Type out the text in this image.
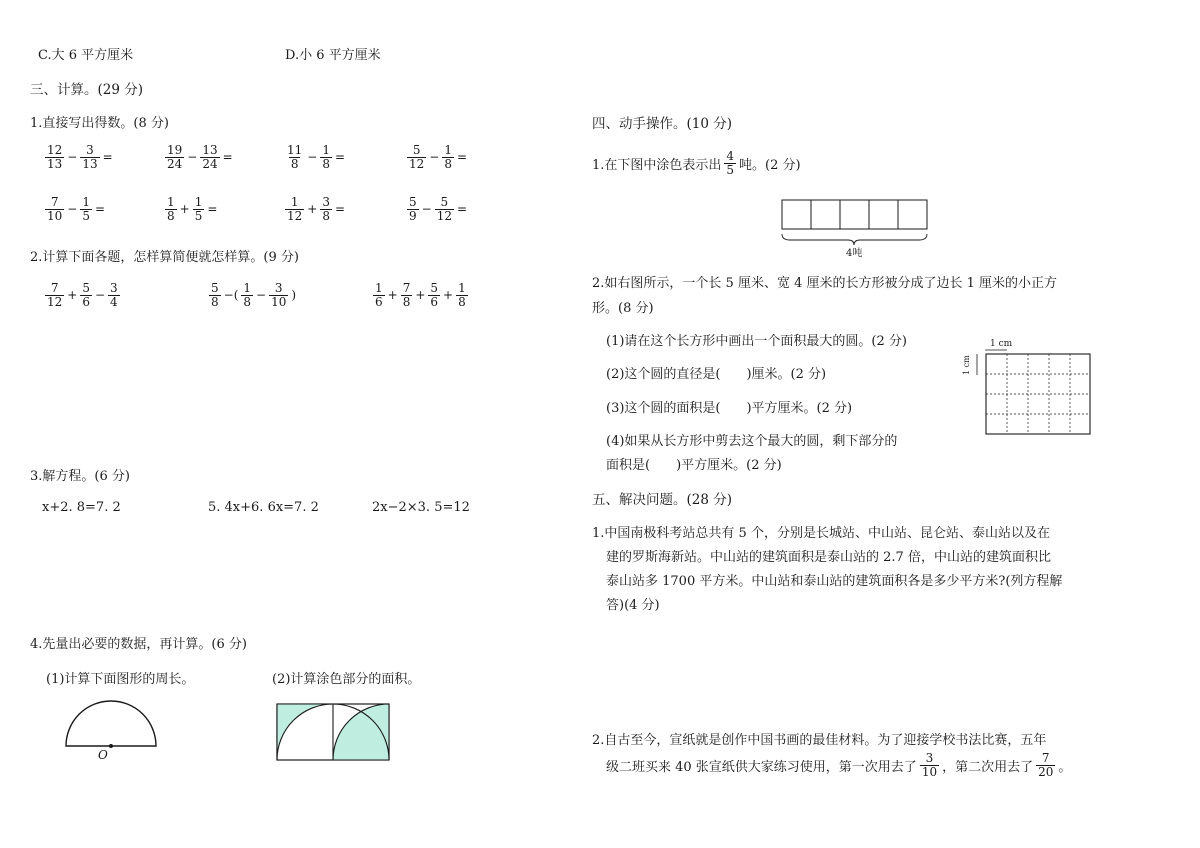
C.大 6 平方厘米	D.小 6 平方厘米
三、计算。(29 分)
1.直接写出得数。(8 分)
$\frac{12}{13} - \frac{3}{13}$ =	$\frac{19}{24} - \frac{13}{24}$ =	$\frac{11}{8} - \frac{1}{8}$ =	$\frac{5}{12} - \frac{1}{8}$ =
$\frac{7}{10} - \frac{1}{5}$ =	$\frac{1}{8} + \frac{1}{5}$ =	$\frac{1}{12} + \frac{3}{8}$ =	$\frac{5}{9} - \frac{5}{12}$ =
2.计算下面各题，怎样算简便就怎样算。(9 分)
$\frac{7}{12} + \frac{5}{6} - \frac{3}{4}$	$\frac{5}{8}$ −( $\frac{1}{8} - \frac{3}{10}$ )	$\frac{1}{6} + \frac{7}{8} + \frac{5}{6} + \frac{1}{8}$
3.解方程。(6 分)
x+2. 8=7. 2	5. 4x+6. 6x=7. 2	2x−2×3. 5=12
4.先量出必要的数据，再计算。(6 分)
(1)计算下面图形的周长。	(2)计算涂色部分的面积。
O
四、动手操作。(10 分)
1.在下图中涂色表示出 $\frac{4}{5}$ 吨。(2 分)
4吨
2.如右图所示，一个长 5 厘米、宽 4 厘米的长方形被分成了边长 1 厘米的小正方
形。(8 分)
(1)请在这个长方形中画出一个面积最大的圆。(2 分)
(2)这个圆的直径是(　　)厘米。(2 分)
(3)这个圆的面积是(　　)平方厘米。(2 分)
(4)如果从长方形中剪去这个最大的圆，剩下部分的
面积是(　　)平方厘米。(2 分)
1 cm
1 cm
五、解决问题。(28 分)
1.中国南极科考站总共有 5 个，分别是长城站、中山站、昆仑站、泰山站以及在
建的罗斯海新站。中山站的建筑面积是泰山站的 2.7 倍，中山站的建筑面积比
泰山站多 1700 平方米。中山站和泰山站的建筑面积各是多少平方米?(列方程解
答)(4 分)
2.自古至今，宣纸就是创作中国书画的最佳材料。为了迎接学校书法比赛，五年
级二班买来 40 张宣纸供大家练习使用，第一次用去了 $\frac{3}{10}$ ，第二次用去了 $\frac{7}{20}$ 。
